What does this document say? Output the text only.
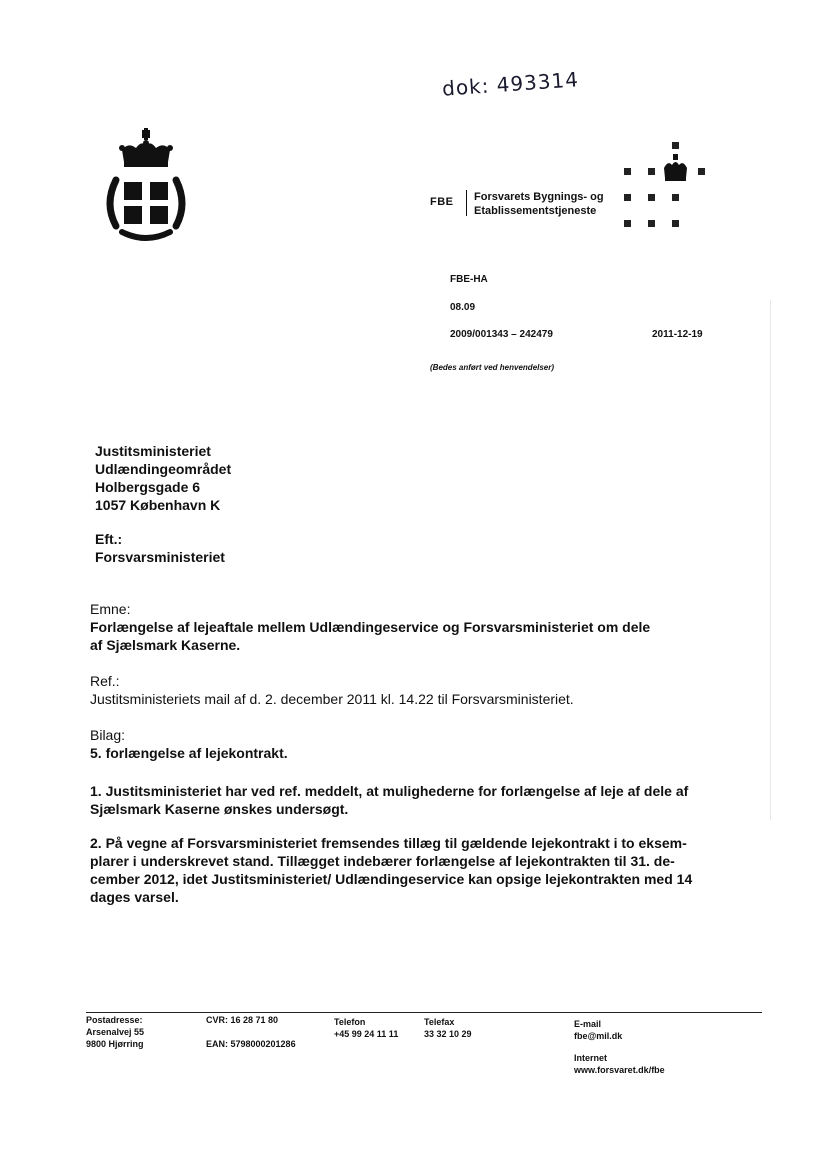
dok: 493314
FBE Forsvarets Bygnings- og
Etablissementstjeneste
FBE-HA
08.09
2009/001343 – 242479	2011-12-19
(Bedes anført ved henvendelser)
Justitsministeriet
Udlændingeområdet
Holbergsgade 6
1057 København K
Eft.:
Forsvarsministeriet
Emne:
Forlængelse af lejeaftale mellem Udlændingeservice og Forsvarsministeriet om dele
af Sjælsmark Kaserne.
Ref.:
Justitsministeriets mail af d. 2. december 2011 kl. 14.22 til Forsvarsministeriet.
Bilag:
5. forlængelse af lejekontrakt.
1. Justitsministeriet har ved ref. meddelt, at mulighederne for forlængelse af leje af dele af
Sjælsmark Kaserne ønskes undersøgt.
2. På vegne af Forsvarsministeriet fremsendes tillæg til gældende lejekontrakt i to eksem-
plarer i underskrevet stand. Tillægget indebærer forlængelse af lejekontrakten til 31. de-
cember 2012, idet Justitsministeriet/ Udlændingeservice kan opsige lejekontrakten med 14
dages varsel.
Postadresse:
Arsenalvej 55
9800 Hjørring
CVR: 16 28 71 80
EAN: 5798000201286
Telefon
+45 99 24 11 11
Telefax
33 32 10 29
E-mail
fbe@mil.dk
Internet
www.forsvaret.dk/fbe
